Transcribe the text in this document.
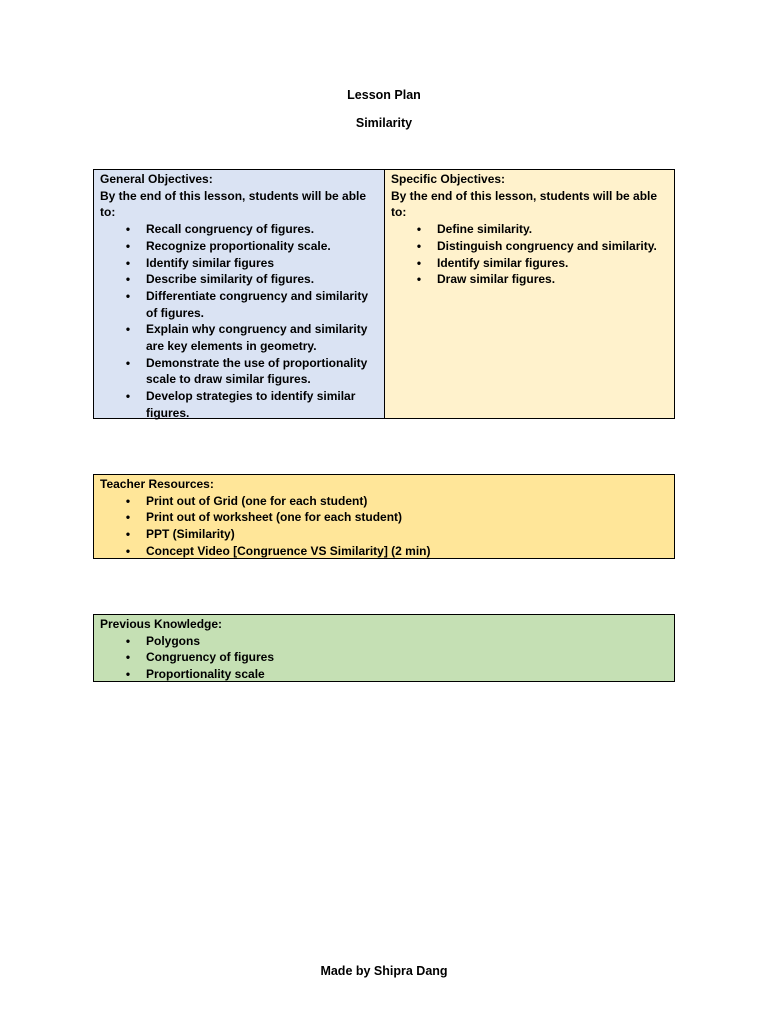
Lesson Plan
Similarity
General Objectives:
By the end of this lesson, students will be able to:
• Recall congruency of figures.
• Recognize proportionality scale.
• Identify similar figures
• Describe similarity of figures.
• Differentiate congruency and similarity of figures.
• Explain why congruency and similarity are key elements in geometry.
• Demonstrate the use of proportionality scale to draw similar figures.
• Develop strategies to identify similar figures.
Specific Objectives:
By the end of this lesson, students will be able to:
• Define similarity.
• Distinguish congruency and similarity.
• Identify similar figures.
• Draw similar figures.
Teacher Resources:
• Print out of Grid (one for each student)
• Print out of worksheet (one for each student)
• PPT (Similarity)
• Concept Video [Congruence VS Similarity] (2 min)
Previous Knowledge:
• Polygons
• Congruency of figures
• Proportionality scale
Made by Shipra Dang
